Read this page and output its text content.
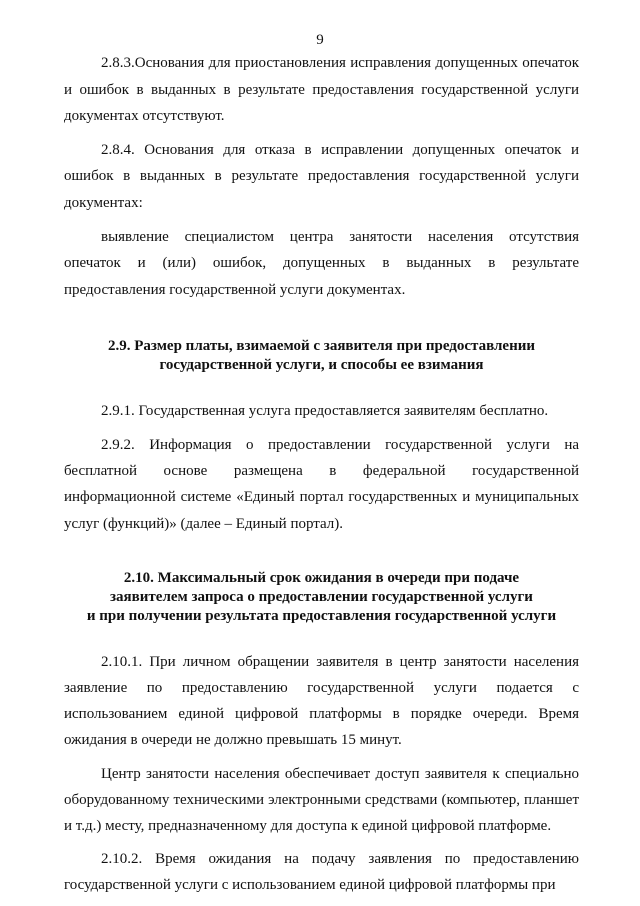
9

2.8.3.Основания для приостановления исправления допущенных опечаток и ошибок в выданных в результате предоставления государственной услуги документах отсутствуют.

2.8.4. Основания для отказа в исправлении допущенных опечаток и ошибок в выданных в результате предоставления государственной услуги документах:

выявление специалистом центра занятости населения отсутствия опечаток и (или) ошибок, допущенных в выданных в результате предоставления государственной услуги документах.

2.9. Размер платы, взимаемой с заявителя при предоставлении
государственной услуги, и способы ее взимания

2.9.1. Государственная услуга предоставляется заявителям бесплатно.

2.9.2. Информация о предоставлении государственной услуги на бесплатной основе размещена в федеральной государственной информационной системе «Единый портал государственных и муниципальных услуг (функций)» (далее – Единый портал).

2.10. Максимальный срок ожидания в очереди при подаче
заявителем запроса о предоставлении государственной услуги
и при получении результата предоставления государственной услуги

2.10.1. При личном обращении заявителя в центр занятости населения заявление по предоставлению государственной услуги подается с использованием единой цифровой платформы в порядке очереди. Время ожидания в очереди не должно превышать 15 минут.

Центр занятости населения обеспечивает доступ заявителя к специально оборудованному техническими электронными средствами (компьютер, планшет и т.д.) месту, предназначенному для доступа к единой цифровой платформе.

2.10.2. Время ожидания на подачу заявления по предоставлению государственной услуги с использованием единой цифровой платформы при
